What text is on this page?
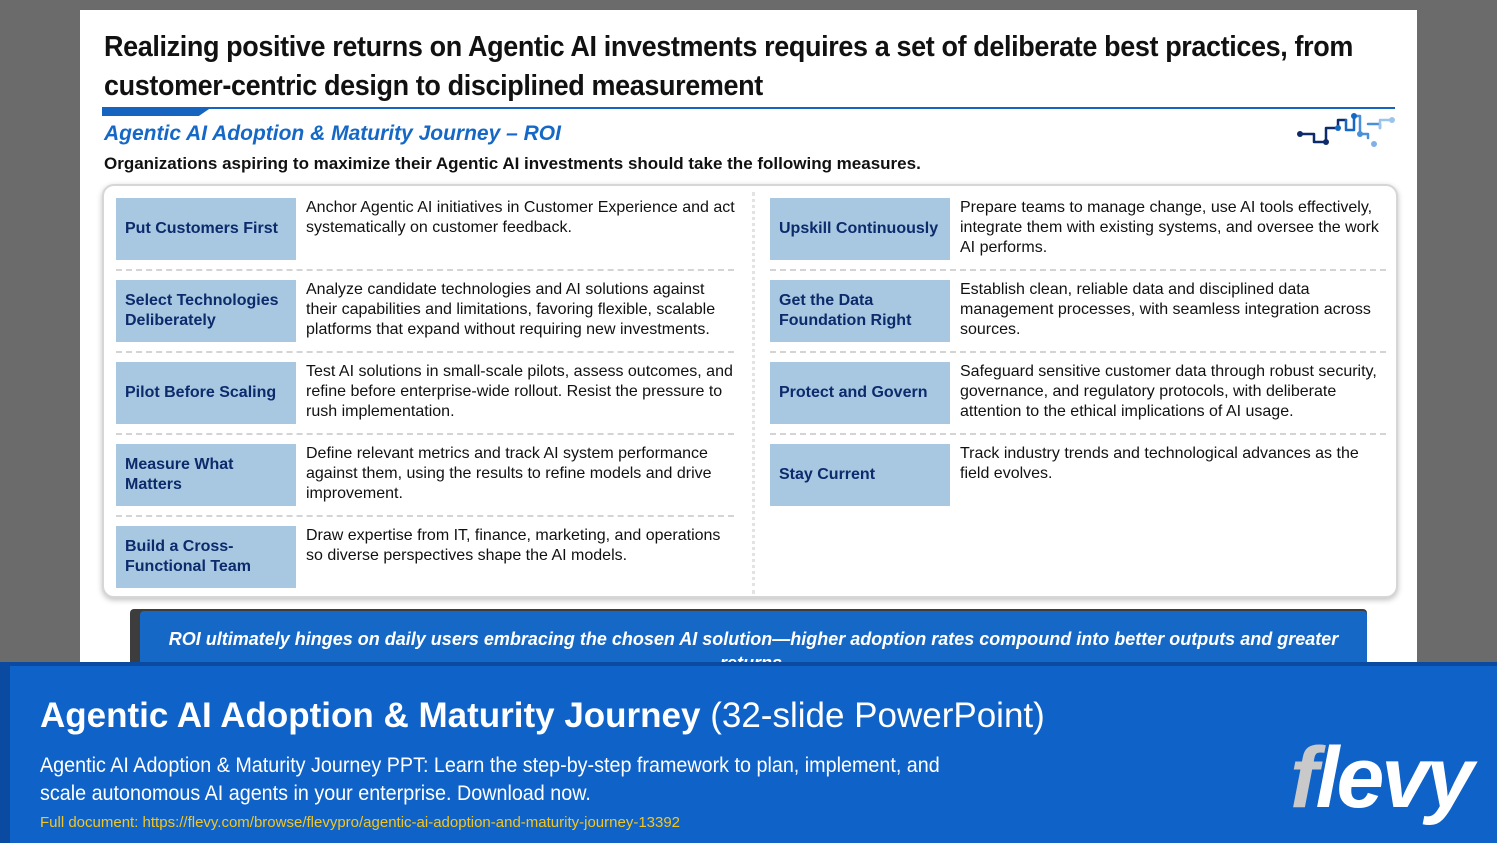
Realizing positive returns on Agentic AI investments requires a set of deliberate best practices, from customer-centric design to disciplined measurement
Agentic AI Adoption & Maturity Journey – ROI
Organizations aspiring to maximize their Agentic AI investments should take the following measures.
Put Customers First
Anchor Agentic AI initiatives in Customer Experience and act systematically on customer feedback.
Select Technologies Deliberately
Analyze candidate technologies and AI solutions against their capabilities and limitations, favoring flexible, scalable platforms that expand without requiring new investments.
Pilot Before Scaling
Test AI solutions in small-scale pilots, assess outcomes, and refine before enterprise-wide rollout. Resist the pressure to rush implementation.
Measure What Matters
Define relevant metrics and track AI system performance against them, using the results to refine models and drive improvement.
Build a Cross-Functional Team
Draw expertise from IT, finance, marketing, and operations so diverse perspectives shape the AI models.
Upskill Continuously
Prepare teams to manage change, use AI tools effectively, integrate them with existing systems, and oversee the work AI performs.
Get the Data Foundation Right
Establish clean, reliable data and disciplined data management processes, with seamless integration across sources.
Protect and Govern
Safeguard sensitive customer data through robust security, governance, and regulatory protocols, with deliberate attention to the ethical implications of AI usage.
Stay Current
Track industry trends and technological advances as the field evolves.
ROI ultimately hinges on daily users embracing the chosen AI solution—higher adoption rates compound into better outputs and greater
Agentic AI Adoption & Maturity Journey (32-slide PowerPoint)
Agentic AI Adoption & Maturity Journey PPT: Learn the step-by-step framework to plan, implement, and scale autonomous AI agents in your enterprise. Download now.
Full document: https://flevy.com/browse/flevypro/agentic-ai-adoption-and-maturity-journey-13392	flevy
